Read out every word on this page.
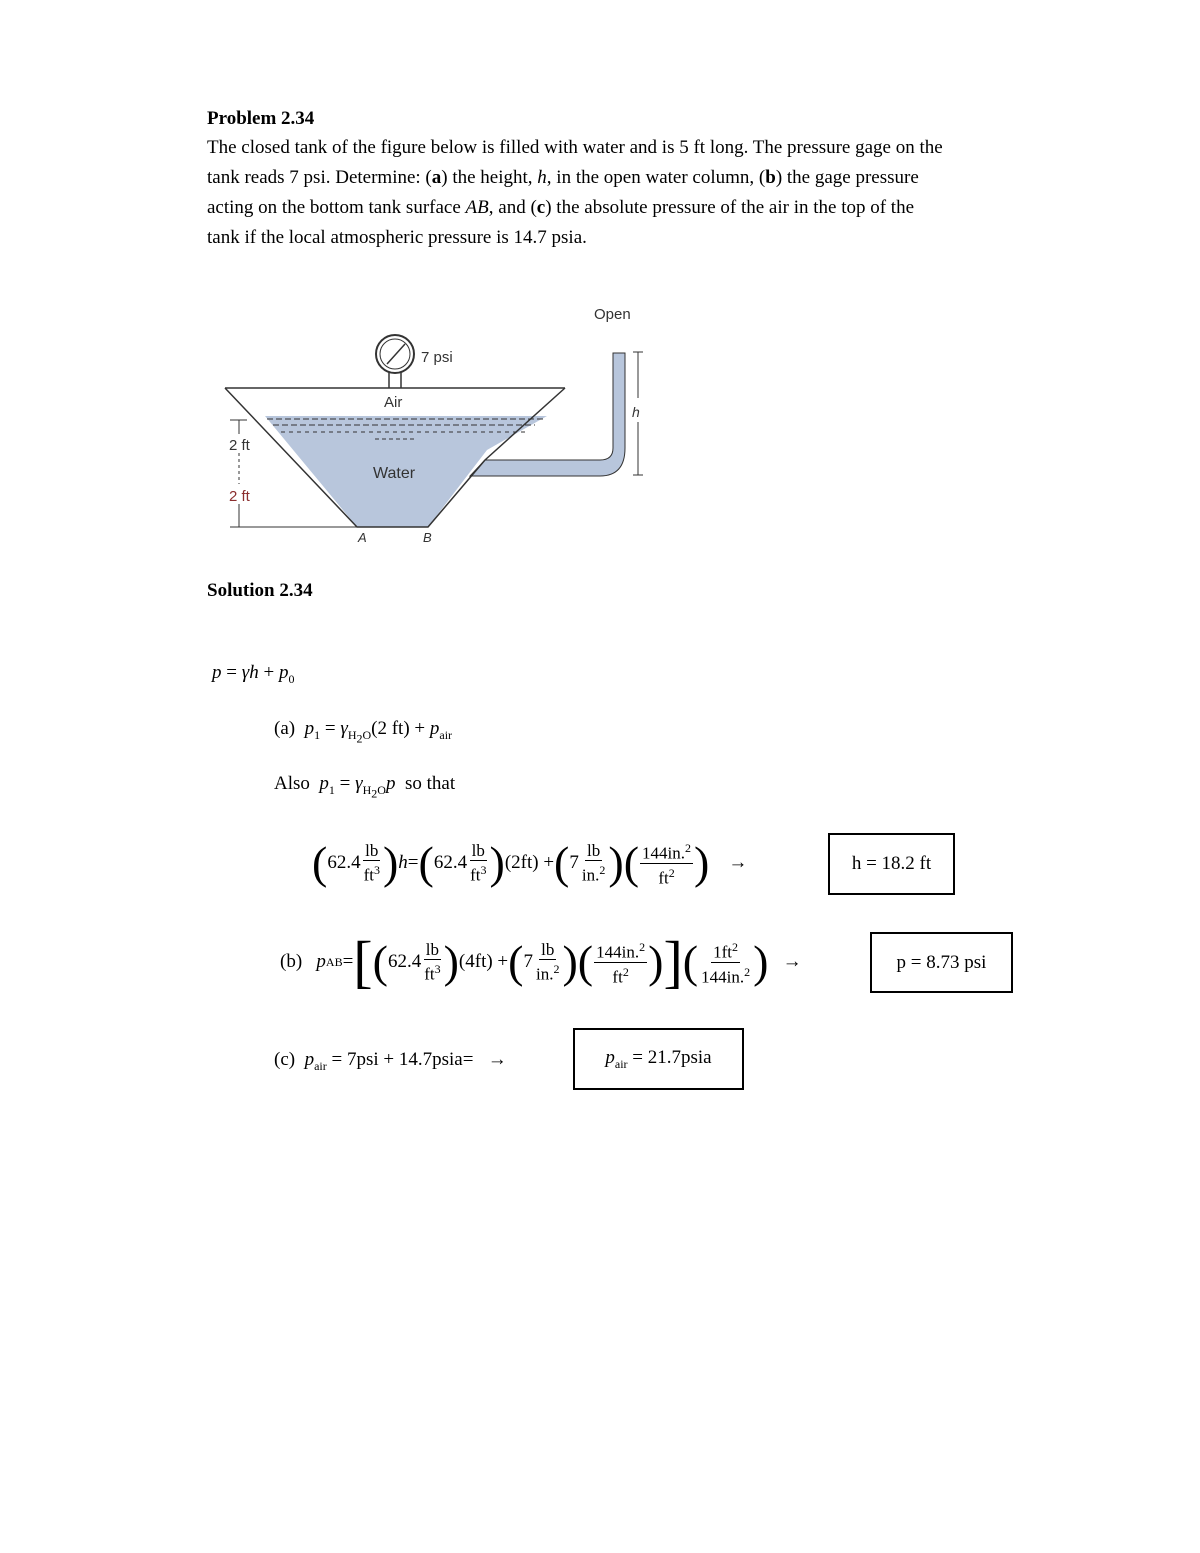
Problem 2.34

The closed tank of the figure below is filled with water and is 5 ft long. The pressure gage on the

tank reads 7 psi. Determine: (a) the height, h, in the open water column, (b) the gage pressure

acting on the bottom tank surface AB, and (c) the absolute pressure of the air in the top of the

tank if the local atmospheric pressure is 14.7 psia.

7 psi
Air
Water
Open
h
2 ft
2 ft
A	B
Solution 2.34
$p = \gamma h + p_0$
(a) $p_1 = \gamma_{H_2O}(2$ $ft) + p_{air}$
Also $p_1 = \gamma_{H_2O}p$ so that
( $62.4 \frac{lb}{ft^3}$ ) h = ( $62.4 \frac{lb}{ft^3}$ ) (2ft) + ( $7 \frac{lb}{in.^2}$ ) ( $\frac{144in.^2}{ft^2}$ )
→	h = 18.2 ft
(b)
p AB = [ ( $62.4 \frac{lb}{ft^3}$ ) (4ft) + ( $7 \frac{lb}{in.^2}$ ) ( $\frac{144in.^2}{ft^2}$ ) ] ( $\frac{1ft^2}{144in.^2}$ )
→	p = 8.73 psi
(c) $p_{air} = 7psi$ + 14.7psia= →	$p_{air}$ = 21.7psia
